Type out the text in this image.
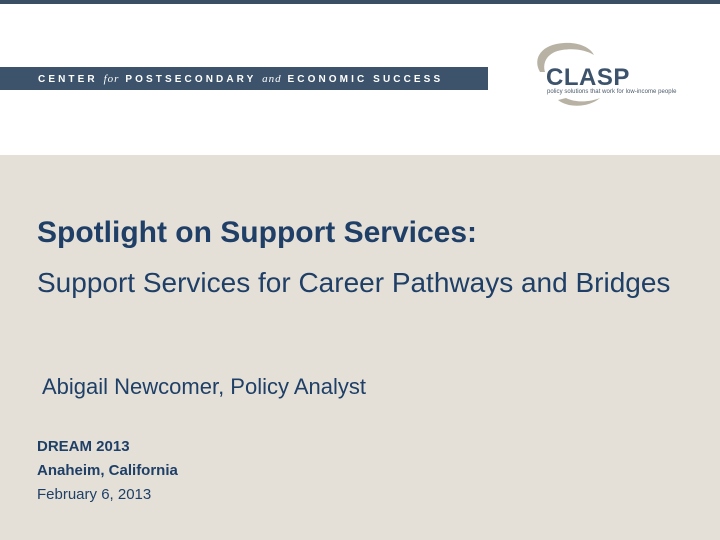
CENTER for POSTSECONDARY and ECONOMIC SUCCESS	CLASP
policy solutions that work for low-income people
Spotlight on Support Services:
Support Services for Career Pathways and Bridges
Abigail Newcomer, Policy Analyst
DREAM 2013
Anaheim, California
February 6, 2013
